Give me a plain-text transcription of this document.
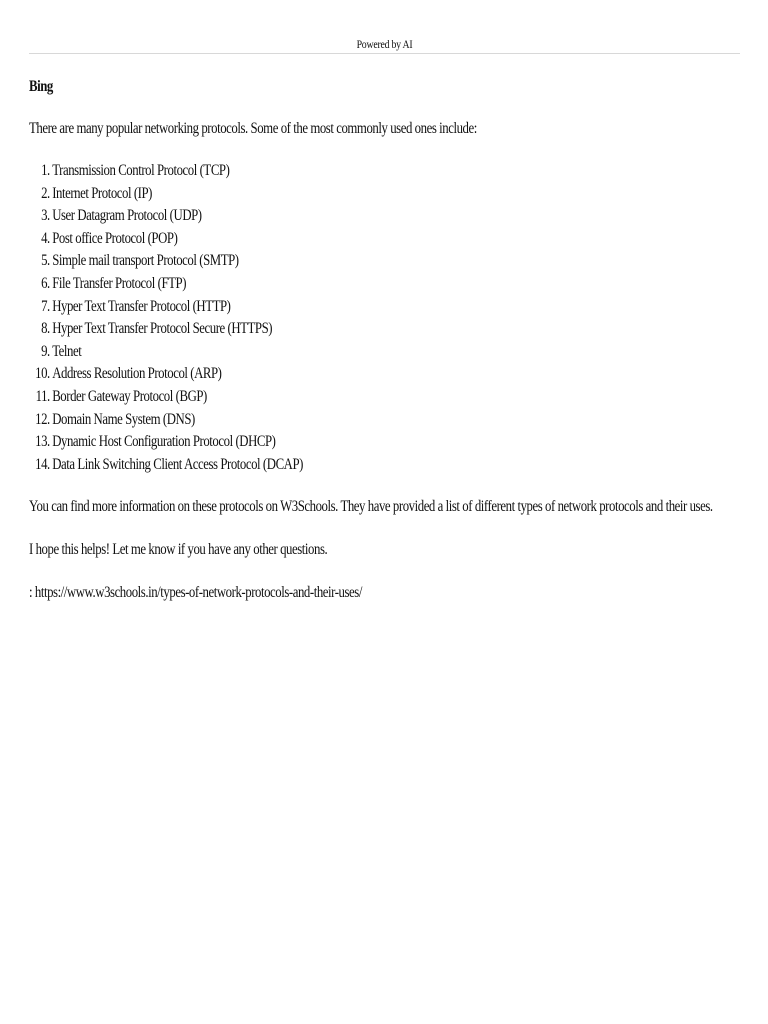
Powered by AI
Bing
There are many popular networking protocols. Some of the most commonly used ones include:
1. Transmission Control Protocol (TCP)
2. Internet Protocol (IP)
3. User Datagram Protocol (UDP)
4. Post office Protocol (POP)
5. Simple mail transport Protocol (SMTP)
6. File Transfer Protocol (FTP)
7. Hyper Text Transfer Protocol (HTTP)
8. Hyper Text Transfer Protocol Secure (HTTPS)
9. Telnet
10. Address Resolution Protocol (ARP)
11. Border Gateway Protocol (BGP)
12. Domain Name System (DNS)
13. Dynamic Host Configuration Protocol (DHCP)
14. Data Link Switching Client Access Protocol (DCAP)
You can find more information on these protocols on W3Schools. They have provided a list of different types of network protocols and their uses.
I hope this helps! Let me know if you have any other questions.
: https://www.w3schools.in/types-of-network-protocols-and-their-uses/
